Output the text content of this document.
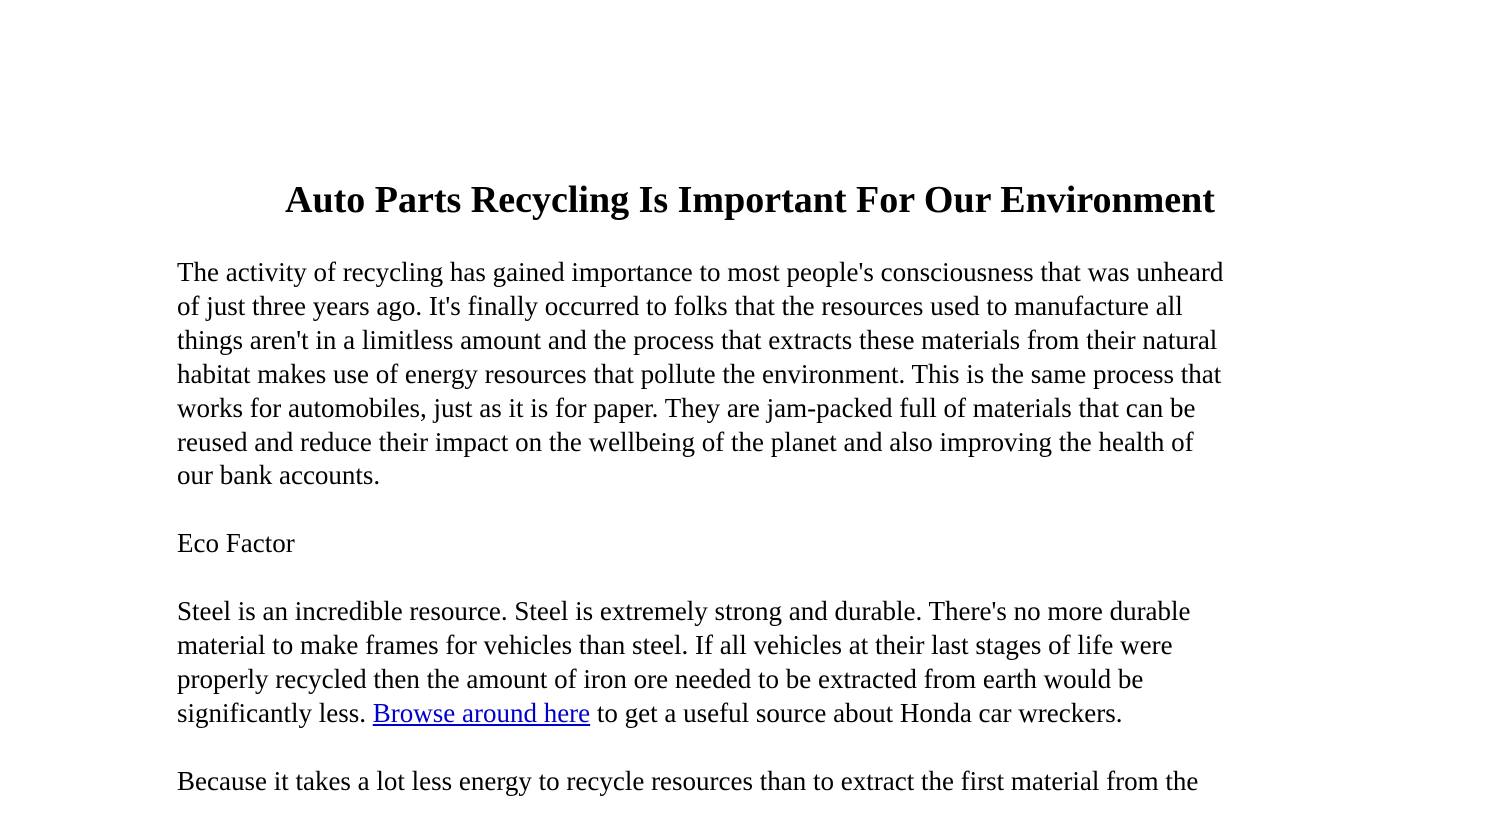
Auto Parts Recycling Is Important For Our Environment

The activity of recycling has gained importance to most people's consciousness that was unheard
of just three years ago. It's finally occurred to folks that the resources used to manufacture all
things aren't in a limitless amount and the process that extracts these materials from their natural
habitat makes use of energy resources that pollute the environment. This is the same process that
works for automobiles, just as it is for paper. They are jam-packed full of materials that can be
reused and reduce their impact on the wellbeing of the planet and also improving the health of
our bank accounts.

Eco Factor

Steel is an incredible resource. Steel is extremely strong and durable. There's no more durable
material to make frames for vehicles than steel. If all vehicles at their last stages of life were
properly recycled then the amount of iron ore needed to be extracted from earth would be
significantly less. Browse around here to get a useful source about Honda car wreckers.

Because it takes a lot less energy to recycle resources than to extract the first material from the
